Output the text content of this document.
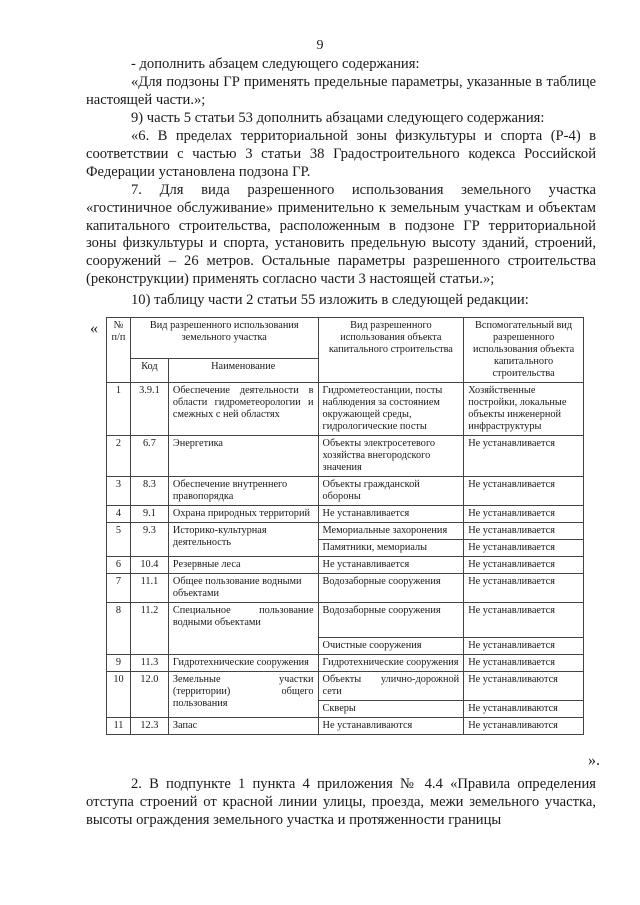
9

- дополнить абзацем следующего содержания:

«Для подзоны ГР применять предельные параметры, указанные в таблице настоящей части.»;

9) часть 5 статьи 53 дополнить абзацами следующего содержания:

«6. В пределах территориальной зоны физкультуры и спорта (Р-4) в соответствии с частью 3 статьи 38 Градостроительного кодекса Российской Федерации установлена подзона ГР.

7. Для вида разрешенного использования земельного участка «гостиничное обслуживание» применительно к земельным участкам и объектам капитального строительства, расположенным в подзоне ГР территориальной зоны физкультуры и спорта, установить предельную высоту зданий, строений, сооружений – 26 метров. Остальные параметры разрешенного строительства (реконструкции) применять согласно части 3 настоящей статьи.»;

10) таблицу части 2 статьи 55 изложить в следующей редакции:

« № п/п	Вид разрешенного использования земельного участка		Вид разрешенного использования объекта капитального строительства	Вспомогательный вид разрешенного использования объекта капитального строительства
	Код	Наименование		
1	3.9.1	Обеспечение деятельности в области гидрометеорологии и смежных с ней областях	Гидрометеостанции, посты наблюдения за состоянием окружающей среды, гидрологические посты	Хозяйственные постройки, локальные объекты инженерной инфраструктуры
2	6.7	Энергетика	Объекты электросетевого хозяйства внегородского значения	Не устанавливается
3	8.3	Обеспечение внутреннего правопорядка	Объекты гражданской обороны	Не устанавливается
4	9.1	Охрана природных территорий	Не устанавливается	Не устанавливается
5	9.3	Историко-культурная деятельность	Мемориальные захоронения	Не устанавливается
			Памятники, мемориалы	Не устанавливается
6	10.4	Резервные леса	Не устанавливается	Не устанавливается
7	11.1	Общее пользование водными объектами	Водозаборные сооружения	Не устанавливается
8	11.2	Специальное пользование водными объектами	Водозаборные сооружения	Не устанавливается
			Очистные сооружения	Не устанавливается
9	11.3	Гидротехнические сооружения	Гидротехнические сооружения	Не устанавливается
10	12.0	Земельные участки (территории) общего пользования	Объекты улично-дорожной сети	Не устанавливаются
			Скверы	Не устанавливаются
11	12.3	Запас	Не устанавливаются	Не устанавливаются
».

2. В подпункте 1 пункта 4 приложения № 4.4 «Правила определения отступа строений от красной линии улицы, проезда, межи земельного участка, высоты ограждения земельного участка и протяженности границы
